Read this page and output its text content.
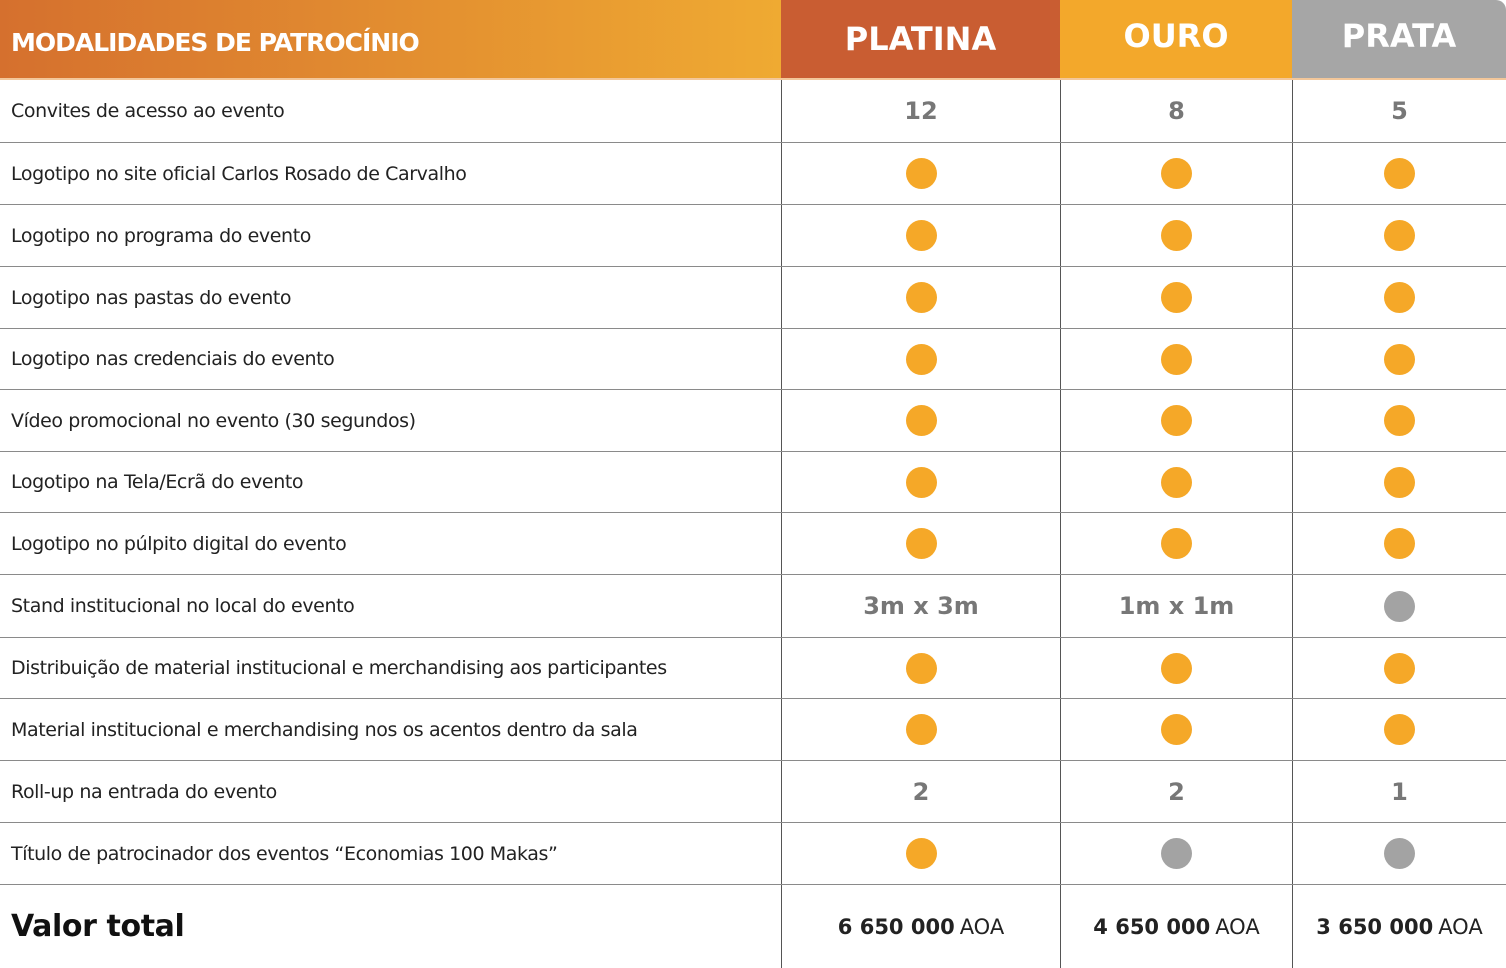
MODALIDADES DE PATROCÍNIO	PLATINA	OURO	PRATA
Convites de acesso ao evento	12	8	5
Logotipo no site oficial Carlos Rosado de Carvalho
Logotipo no programa do evento
Logotipo nas pastas do evento
Logotipo nas credenciais do evento
Vídeo promocional no evento (30 segundos)
Logotipo na Tela/Ecrã do evento
Logotipo no púlpito digital do evento
Stand institucional no local do evento	3m x 3m	1m x 1m
Distribuição de material institucional e merchandising aos participantes
Material institucional e merchandising nos os acentos dentro da sala
Roll-up na entrada do evento	2	2	1
Título de patrocinador dos eventos “Economias 100 Makas”
Valor total	6 650 000 AOA	4 650 000 AOA	3 650 000 AOA
